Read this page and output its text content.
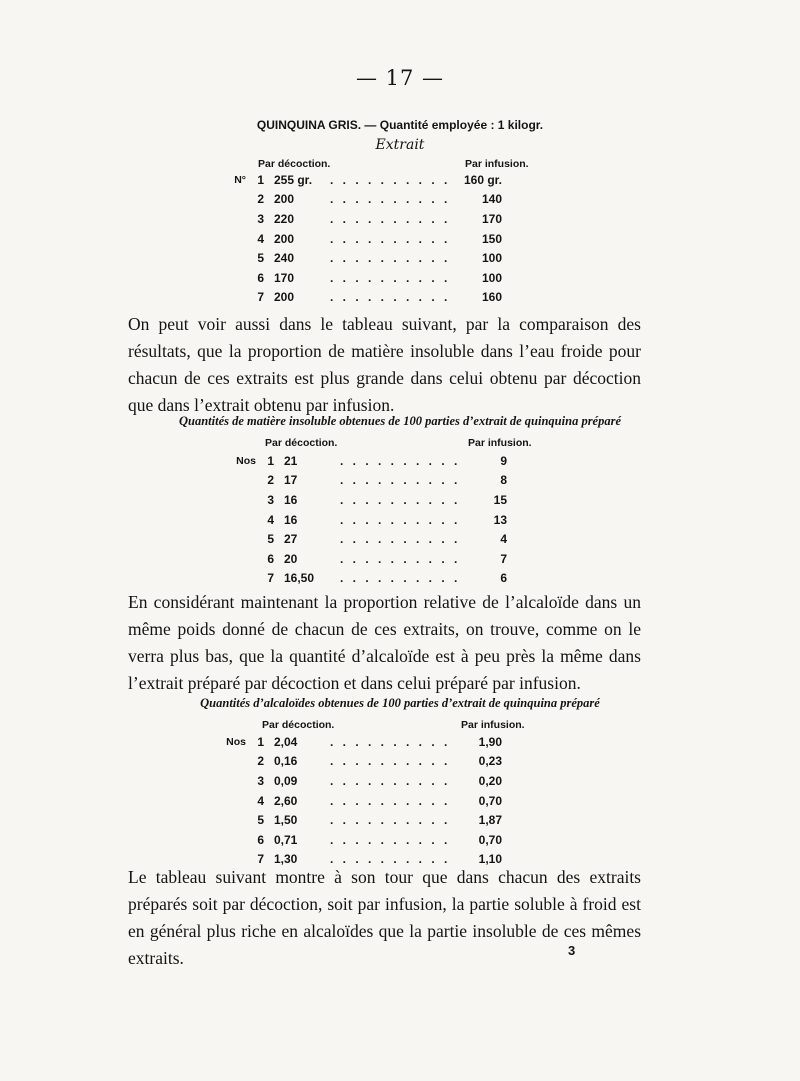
— 17 —
QUINQUINA GRIS. — Quantité employée : 1 kilogr.
Extrait
Par décoction.	Par infusion.
N°	1	255 gr.	. . . . . . . . . .	160 gr.
	2	200	. . . . . . . . . .	140
	3	220	. . . . . . . . . .	170
	4	200	. . . . . . . . . .	150
	5	240	. . . . . . . . . .	100
	6	170	. . . . . . . . . .	100
	7	200	. . . . . . . . . .	160
On peut voir aussi dans le tableau suivant, par la comparaison des résultats, que la proportion de matière insoluble dans l’eau froide pour chacun de ces extraits est plus grande dans celui obtenu par décoction que dans l’extrait obtenu par infusion.
Quantités de matière insoluble obtenues de 100 parties d’extrait de quinquina préparé
Par décoction.	Par infusion.
Nos	1	21	. . . . . . . . . .	9
	2	17	. . . . . . . . . .	8
	3	16	. . . . . . . . . .	15
	4	16	. . . . . . . . . .	13
	5	27	. . . . . . . . . .	4
	6	20	. . . . . . . . . .	7
	7	16,50	. . . . . . . . . .	6
En considérant maintenant la proportion relative de l’alcaloïde dans un même poids donné de chacun de ces extraits, on trouve, comme on le verra plus bas, que la quantité d’alcaloïde est à peu près la même dans l’extrait préparé par décoction et dans celui préparé par infusion.
Quantités d’alcaloïdes obtenues de 100 parties d’extrait de quinquina préparé
Par décoction.	Par infusion.
Nos	1	2,04	. . . . . . . . . .	1,90
	2	0,16	. . . . . . . . . .	0,23
	3	0,09	. . . . . . . . . .	0,20
	4	2,60	. . . . . . . . . .	0,70
	5	1,50	. . . . . . . . . .	1,87
	6	0,71	. . . . . . . . . .	0,70
	7	1,30	. . . . . . . . . .	1,10
Le tableau suivant montre à son tour que dans chacun des extraits préparés soit par décoction, soit par infusion, la partie soluble à froid est en général plus riche en alcaloïdes que la partie insoluble de ces mêmes extraits.	3
